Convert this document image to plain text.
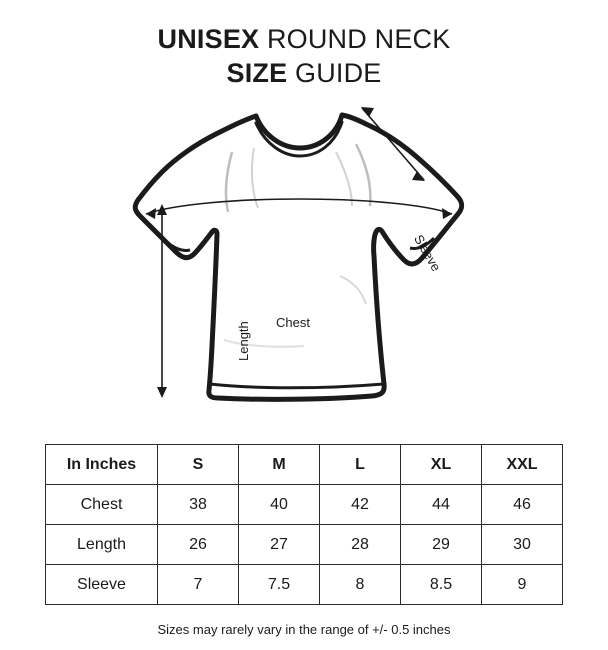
UNISEX ROUND NECK
SIZE GUIDE
Chest
Length
Sleeve
In Inches	S	M	L	XL	XXL
Chest	38	40	42	44	46
Length	26	27	28	29	30
Sleeve	7	7.5	8	8.5	9
Sizes may rarely vary in the range of +/- 0.5 inches
